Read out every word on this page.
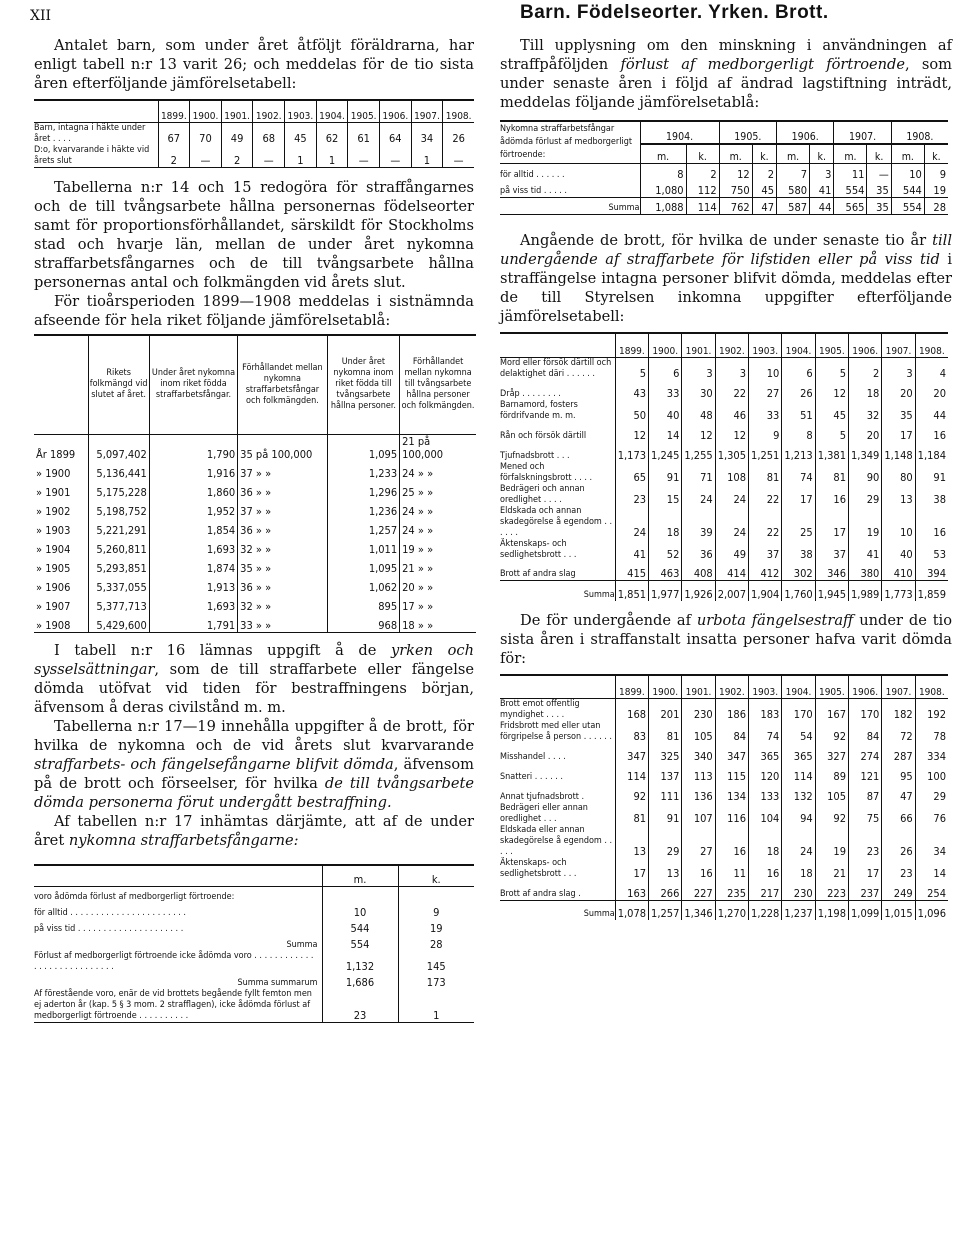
XII	Barn. Födelseorter. Yrken. Brott.

Antalet barn, som under året åtföljt föräldrarna, har enligt tabell n:r 13 varit 26; och meddelas för de tio sista åren efterföljande jämförelsetabell:

	1899.	1900.	1901.	1902.	1903.	1904.	1905.	1906.	1907.	1908.
Barn, intagna i häkte under året . . . .	67	70	49	68	45	62	61	64	34	26
D:o, kvarvarande i häkte vid årets slut	2	—	2	—	1	1	—	—	1	—

Tabellerna n:r 14 och 15 redogöra för straffångarnes och de till tvångsarbete hållna personernas födelseorter samt för proportionsförhållandet, särskildt för Stockholms stad och hvarje län, mellan de under året nykomna straffarbetsfångarnes och de till tvångsarbete hållna personernas antal och folkmängden vid årets slut.

För tioårsperioden 1899—1908 meddelas i sistnämnda afseende för hela riket följande jämförelsetablå:

	Rikets folkmängd vid slutet af året.	Under året nykomna inom riket födda straffarbetsfångar.	Förhållandet mellan nykomna straffarbetsfångar och folkmängden.	Under året nykomna inom riket födda till tvångsarbete hållna personer.	Förhållandet mellan nykomna till tvångsarbete hållna personer och folkmängden.
År 1899	5,097,402	1,790	35 på 100,000	1,095	21 på 100,000
» 1900	5,136,441	1,916	37 » »	1,233	24 » »
» 1901	5,175,228	1,860	36 » »	1,296	25 » »
» 1902	5,198,752	1,952	37 » »	1,236	24 » »
» 1903	5,221,291	1,854	36 » »	1,257	24 » »
» 1904	5,260,811	1,693	32 » »	1,011	19 » »
» 1905	5,293,851	1,874	35 » »	1,095	21 » »
» 1906	5,337,055	1,913	36 » »	1,062	20 » »
» 1907	5,377,713	1,693	32 » »	895	17 » »
» 1908	5,429,600	1,791	33 » »	968	18 » »

I tabell n:r 16 lämnas uppgift å de yrken och sysselsättningar, som de till straffarbete eller fängelse dömda utöfvat vid tiden för bestraffningens början, äfvensom å deras civilstånd m. m.

Tabellerna n:r 17—19 innehålla uppgifter å de brott, för hvilka de nykomna och de vid årets slut kvarvarande straffarbets- och fängelsefångarne blifvit dömda, äfvensom på de brott och förseelser, för hvilka de till tvångsarbete dömda personerna förut undergått bestraffning.

Af tabellen n:r 17 inhämtas därjämte, att af de under året nykomna straffarbetsfångarne:

	m.	k.
voro ådömda förlust af medborgerligt förtroende:		
för alltid . . . . . . . . . . . . . . . . . . . . . . .	10	9
på viss tid . . . . . . . . . . . . . . . . . . . . .	544	19
Summa	554	28
Förlust af medborgerligt förtroende icke ådömda voro . . . . . . . . . . . . . . . . . . . . . . . . . . . .	1,132	145
Summa summarum	1,686	173
Af förestående voro, enär de vid brottets begående fyllt femton men ej aderton år (kap. 5 § 3 mom. 2 strafflagen), icke ådömda förlust af medborgerligt förtroende . . . . . . . . . .	23	1

Till upplysning om den minskning i användningen af straffpåföljden förlust af medborgerligt förtroende, som under senaste åren i följd af ändrad lagstiftning inträdt, meddelas följande jämförelsetablå:

Nykomna straffarbetsfångar ådömda förlust af medborgerligt förtroende:	1904.		1905.		1906.		1907.		1908.	
	m.	k.	m.	k.	m.	k.	m.	k.	m.	k.
för alltid . . . . . .	8	2	12	2	7	3	11	—	10	9
på viss tid . . . . .	1,080	112	750	45	580	41	554	35	544	19
Summa	1,088	114	762	47	587	44	565	35	554	28

Angående de brott, för hvilka de under senaste tio år till undergående af straffarbete för lifstiden eller på viss tid i straffängelse intagna personer blifvit dömda, meddelas efter de till Styrelsen inkomna uppgifter efterföljande jämförelsetabell:

	1899.	1900.	1901.	1902.	1903.	1904.	1905.	1906.	1907.	1908.
Mord eller försök därtill och delaktighet däri . . . . . .	5	6	3	3	10	6	5	2	3	4
Dråp . . . . . . . .	43	33	30	22	27	26	12	18	20	20
Barnamord, fosters fördrifvande m. m.	50	40	48	46	33	51	45	32	35	44
Rån och försök därtill	12	14	12	12	9	8	5	20	17	16
Tjufnadsbrott . . .	1,173	1,245	1,255	1,305	1,251	1,213	1,381	1,349	1,148	1,184
Mened och förfalskningsbrott . . . .	65	91	71	108	81	74	81	90	80	91
Bedrägeri och annan oredlighet . . . .	23	15	24	24	22	17	16	29	13	38
Eldskada och annan skadegörelse å egendom . . . . . .	24	18	39	24	22	25	17	19	10	16
Äktenskaps- och sedlighetsbrott . . .	41	52	36	49	37	38	37	41	40	53
Brott af andra slag	415	463	408	414	412	302	346	380	410	394
Summa	1,851	1,977	1,926	2,007	1,904	1,760	1,945	1,989	1,773	1,859

De för undergående af urbota fängelsestraff under de tio sista åren i straffanstalt insatta personer hafva varit dömda för:

	1899.	1900.	1901.	1902.	1903.	1904.	1905.	1906.	1907.	1908.
Brott emot offentlig myndighet . . . .	168	201	230	186	183	170	167	170	182	192
Fridsbrott med eller utan förgripelse å person . . . . . .	83	81	105	84	74	54	92	84	72	78
Misshandel . . . .	347	325	340	347	365	365	327	274	287	334
Snatteri . . . . . .	114	137	113	115	120	114	89	121	95	100
Annat tjufnadsbrott .	92	111	136	134	133	132	105	87	47	29
Bedrägeri eller annan oredlighet . . .	81	91	107	116	104	94	92	75	66	76
Eldskada eller annan skadegörelse å egendom . . . . .	13	29	27	16	18	24	19	23	26	34
Äktenskaps- och sedlighetsbrott . . .	17	13	16	11	16	18	21	17	23	14
Brott af andra slag .	163	266	227	235	217	230	223	237	249	254
Summa	1,078	1,257	1,346	1,270	1,228	1,237	1,198	1,099	1,015	1,096
